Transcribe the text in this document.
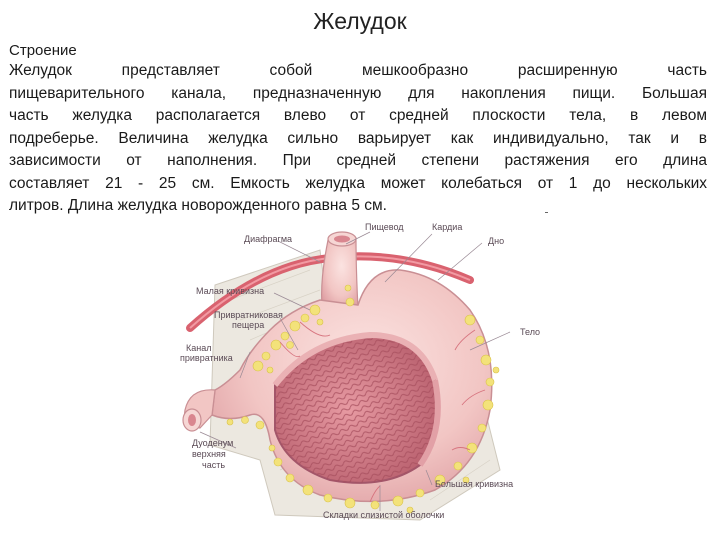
Желудок
Строение
Желудок представляет собой мешкообразно расширенную часть
пищеварительного канала, предназначенную для накопления пищи. Большая
часть желудка располагается влево от средней плоскости тела, в левом
подреберье. Величина желудка сильно варьирует как индивидуально, так и в
зависимости от наполнения. При средней степени растяжения его длина
составляет 21 - 25 см. Емкость желудка может колебаться от 1 до нескольких
литров. Длина желудка новорожденного равна 5 см.
Диафрагма
Пищевод	Кардиа
Дно
Малая кривизна
Привратниковая
пещера
Канал
привратника
Тело
Дуоденум
верхняя
часть
Большая кривизна
Складки слизистой оболочки
